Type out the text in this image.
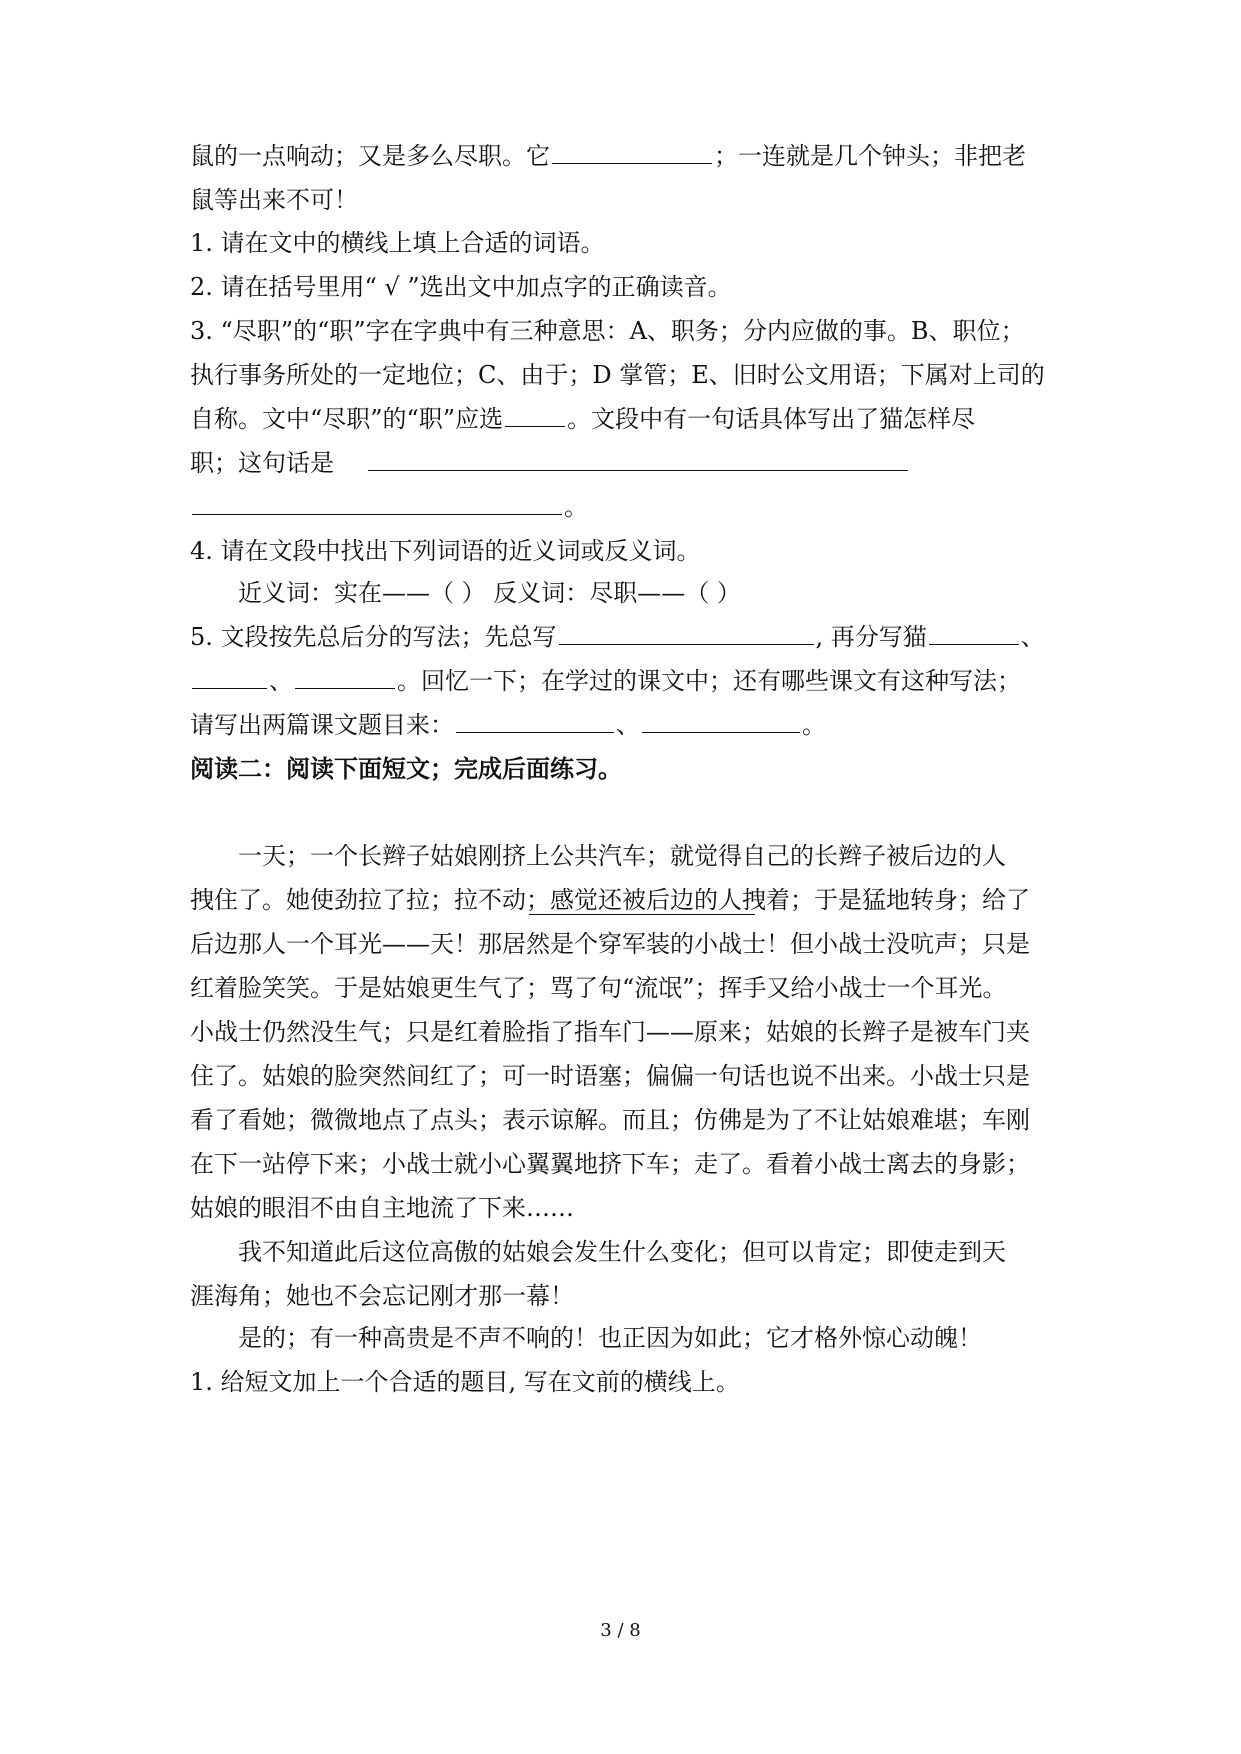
鼠的一点响动；又是多么尽职。它	；一连就是几个钟头；非把老
鼠等出来不可！
1. 请在文中的横线上填上合适的词语。
2. 请在括号里用“ √ ”选出文中加点字的正确读音。
3. “尽职”的“职”字在字典中有三种意思：A、职务；分内应做的事。B、职位；
执行事务所处的一定地位；C、由于；D 掌管；E、旧时公文用语；下属对上司的
自称。文中“尽职”的“职”应选	。文段中有一句话具体写出了猫怎样尽
职；这句话是
。
4. 请在文段中找出下列词语的近义词或反义词。
近义词：实在——（ ） 反义词：尽职——（ ）
5. 文段按先总后分的写法；先总写	, 再分写猫	、
、	。回忆一下；在学过的课文中；还有哪些课文有这种写法；
请写出两篇课文题目来：	、	。
阅读二：阅读下面短文；完成后面练习。
一天；一个长辫子姑娘刚挤上公共汽车；就觉得自己的长辫子被后边的人
拽住了。她使劲拉了拉；拉不动；感觉还被后边的人拽着；于是猛地转身；给了
后边那人一个耳光——天！那居然是个穿军装的小战士！但小战士没吭声；只是
红着脸笑笑。于是姑娘更生气了；骂了句“流氓”；挥手又给小战士一个耳光。
小战士仍然没生气；只是红着脸指了指车门——原来；姑娘的长辫子是被车门夹
住了。姑娘的脸突然间红了；可一时语塞；偏偏一句话也说不出来。小战士只是
看了看她；微微地点了点头；表示谅解。而且；仿佛是为了不让姑娘难堪；车刚
在下一站停下来；小战士就小心翼翼地挤下车；走了。看着小战士离去的身影；
姑娘的眼泪不由自主地流了下来……
我不知道此后这位高傲的姑娘会发生什么变化；但可以肯定；即使走到天
涯海角；她也不会忘记刚才那一幕！
是的；有一种高贵是不声不响的！也正因为如此；它才格外惊心动魄！
1. 给短文加上一个合适的题目, 写在文前的横线上。
3 / 8
